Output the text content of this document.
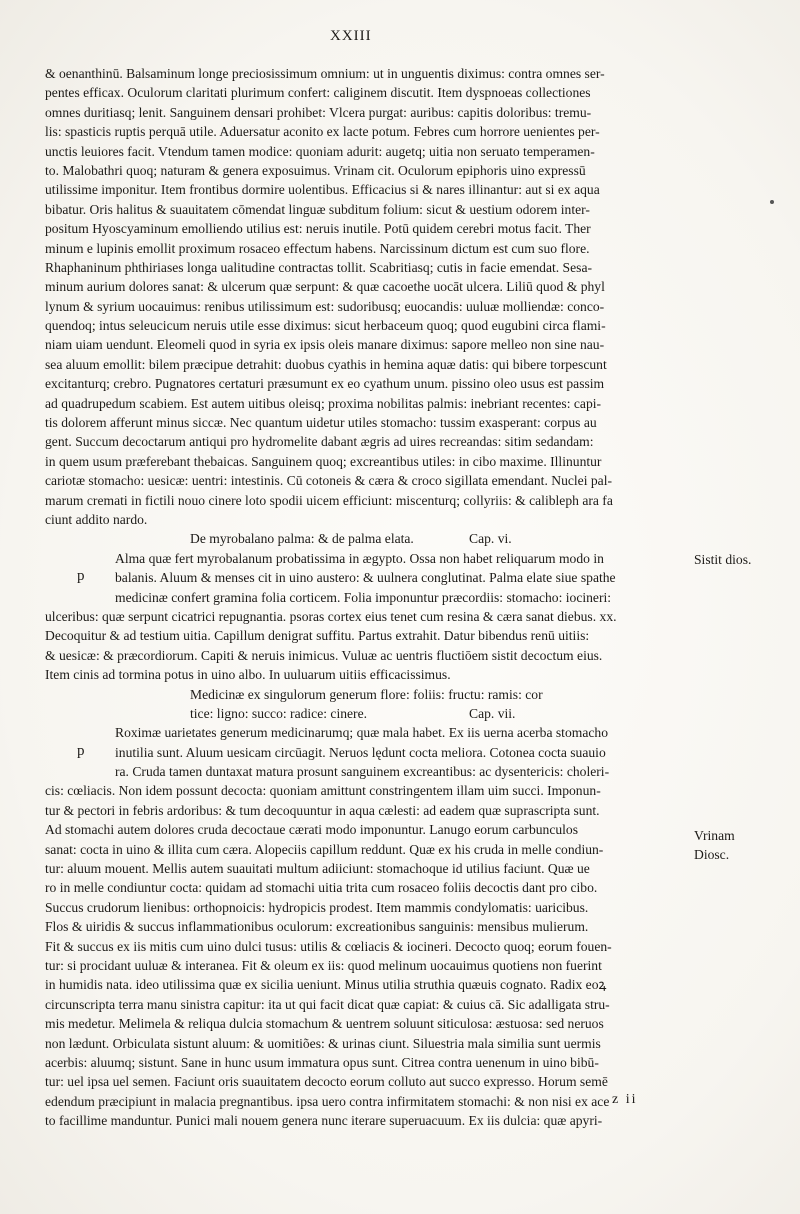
XXIII
& oenanthinū. Balsaminum longe preciosissimum omnium: ut in unguentis diximus: contra omnes ser-
pentes efficax. Oculorum claritati plurimum confert: caliginem discutit. Item dyspnoeas collectiones
omnes duritiasq; lenit. Sanguinem densari prohibet: Vlcera purgat: auribus: capitis doloribus: tremu-
lis: spasticis ruptis perquā utile. Aduersatur aconito ex lacte potum. Febres cum horrore uenientes per-
unctis leuiores facit. Vtendum tamen modice: quoniam adurit: augetq; uitia non seruato temperamen-
to. Malobathri quoq; naturam & genera exposuimus. Vrinam cit. Oculorum epiphoris uino expressū
utilissime imponitur. Item frontibus dormire uolentibus. Efficacius si & nares illinantur: aut si ex aqua
bibatur. Oris halitus & suauitatem cōmendat linguæ subditum folium: sicut & uestium odorem inter-
positum Hyoscyaminum emolliendo utilius est: neruis inutile. Potū quidem cerebri motus facit. Ther
minum e lupinis emollit proximum rosaceo effectum habens. Narcissinum dictum est cum suo flore.
Rhaphaninum phthiriases longa ualitudine contractas tollit. Scabritiasq; cutis in facie emendat. Sesa-
minum aurium dolores sanat: & ulcerum quæ serpunt: & quæ cacoethe uocāt ulcera. Liliū quod & phyl
lynum & syrium uocauimus: renibus utilissimum est: sudoribusq; euocandis: uuluæ molliendæ: conco-
quendoq; intus seleucicum neruis utile esse diximus: sicut herbaceum quoq; quod eugubini circa flami-
niam uiam uendunt. Eleomeli quod in syria ex ipsis oleis manare diximus: sapore melleo non sine nau-
sea aluum emollit: bilem præcipue detrahit: duobus cyathis in hemina aquæ datis: qui bibere torpescunt
excitanturq; crebro. Pugnatores certaturi præsumunt ex eo cyathum unum. pissino oleo usus est passim
ad quadrupedum scabiem. Est autem uitibus oleisq; proxima nobilitas palmis: inebriant recentes: capi-
tis dolorem afferunt minus siccæ. Nec quantum uidetur utiles stomacho: tussim exasperant: corpus au
gent. Succum decoctarum antiqui pro hydromelite dabant ægris ad uires recreandas: sitim sedandam:
in quem usum præferebant thebaicas. Sanguinem quoq; excreantibus utiles: in cibo maxime. Illinuntur
cariotæ stomacho: uesicæ: uentri: intestinis. Cū cotoneis & cæra & croco sigillata emendant. Nuclei pal-
marum cremati in fictili nouo cinere loto spodii uicem efficiunt: miscenturq; collyriis: & calibleph ara fa
ciunt addito nardo.
De myrobalano palma: & de palma elata.	Cap. vi.
Alma quæ fert myrobalanum probatissima in ægypto. Ossa non habet reliquarum modo in
balanis. Aluum & menses cit in uino austero: & uulnera conglutinat. Palma elate siue spathe
medicinæ confert gramina folia corticem. Folia imponuntur præcordiis: stomacho: iocineri:
ulceribus: quæ serpunt cicatrici repugnantia. psoras cortex eius tenet cum resina & cæra sanat diebus. xx.
Decoquitur & ad testium uitia. Capillum denigrat suffitu. Partus extrahit. Datur bibendus renū uitiis:
& uesicæ: & præcordiorum. Capiti & neruis inimicus. Vuluæ ac uentris fluctiōem sistit decoctum eius.
Item cinis ad tormina potus in uino albo. In uuluarum uitiis efficacissimus.
Medicinæ ex singulorum generum flore: foliis: fructu: ramis: cor
tice: ligno: succo: radice: cinere.	Cap. vii.
Roximæ uarietates generum medicinarumq; quæ mala habet. Ex iis uerna acerba stomacho
inutilia sunt. Aluum uesicam circūagit. Neruos lędunt cocta meliora. Cotonea cocta suauio
ra. Cruda tamen duntaxat matura prosunt sanguinem excreantibus: ac dysentericis: choleri-
cis: cœliacis. Non idem possunt decocta: quoniam amittunt constringentem illam uim succi. Imponun-
tur & pectori in febris ardoribus: & tum decoquuntur in aqua cælesti: ad eadem quæ suprascripta sunt.
Ad stomachi autem dolores cruda decoctaue cærati modo imponuntur. Lanugo eorum carbunculos
sanat: cocta in uino & illita cum cæra. Alopeciis capillum reddunt. Quæ ex his cruda in melle condiun-
tur: aluum mouent. Mellis autem suauitati multum adiiciunt: stomachoque id utilius faciunt. Quæ ue
ro in melle condiuntur cocta: quidam ad stomachi uitia trita cum rosaceo foliis decoctis dant pro cibo.
Succus crudorum lienibus: orthopnoicis: hydropicis prodest. Item mammis condylomatis: uaricibus.
Flos & uiridis & succus inflammationibus oculorum: excreationibus sanguinis: mensibus mulierum.
Fit & succus ex iis mitis cum uino dulci tusus: utilis & cœliacis & iocineri. Decocto quoq; eorum fouen-
tur: si procidant uuluæ & interanea. Fit & oleum ex iis: quod melinum uocauimus quotiens non fuerint
in humidis nata. ideo utilissima quæ ex sicilia ueniunt. Minus utilia struthia quæuis cognato. Radix eoꝝ
circunscripta terra manu sinistra capitur: ita ut qui facit dicat quæ capiat: & cuius cā. Sic adalligata stru-
mis medetur. Melimela & reliqua dulcia stomachum & uentrem soluunt siticulosa: æstuosa: sed neruos
non lædunt. Orbiculata sistunt aluum: & uomitiões: & urinas ciunt. Siluestria mala similia sunt uermis
acerbis: aluumq; sistunt. Sane in hunc usum immatura opus sunt. Citrea contra uenenum in uino bibū-
tur: uel ipsa uel semen. Faciunt oris suauitatem decocto eorum colluto aut succo expresso. Horum semē
edendum præcipiunt in malacia pregnantibus. ipsa uero contra infirmitatem stomachi: & non nisi ex ace
to facillime manduntur. Punici mali nouem genera nunc iterare superuacuum. Ex iis dulcia: quæ apyri-
Sistit dios.
Vrinam
Diosc.
z ii
p
p
